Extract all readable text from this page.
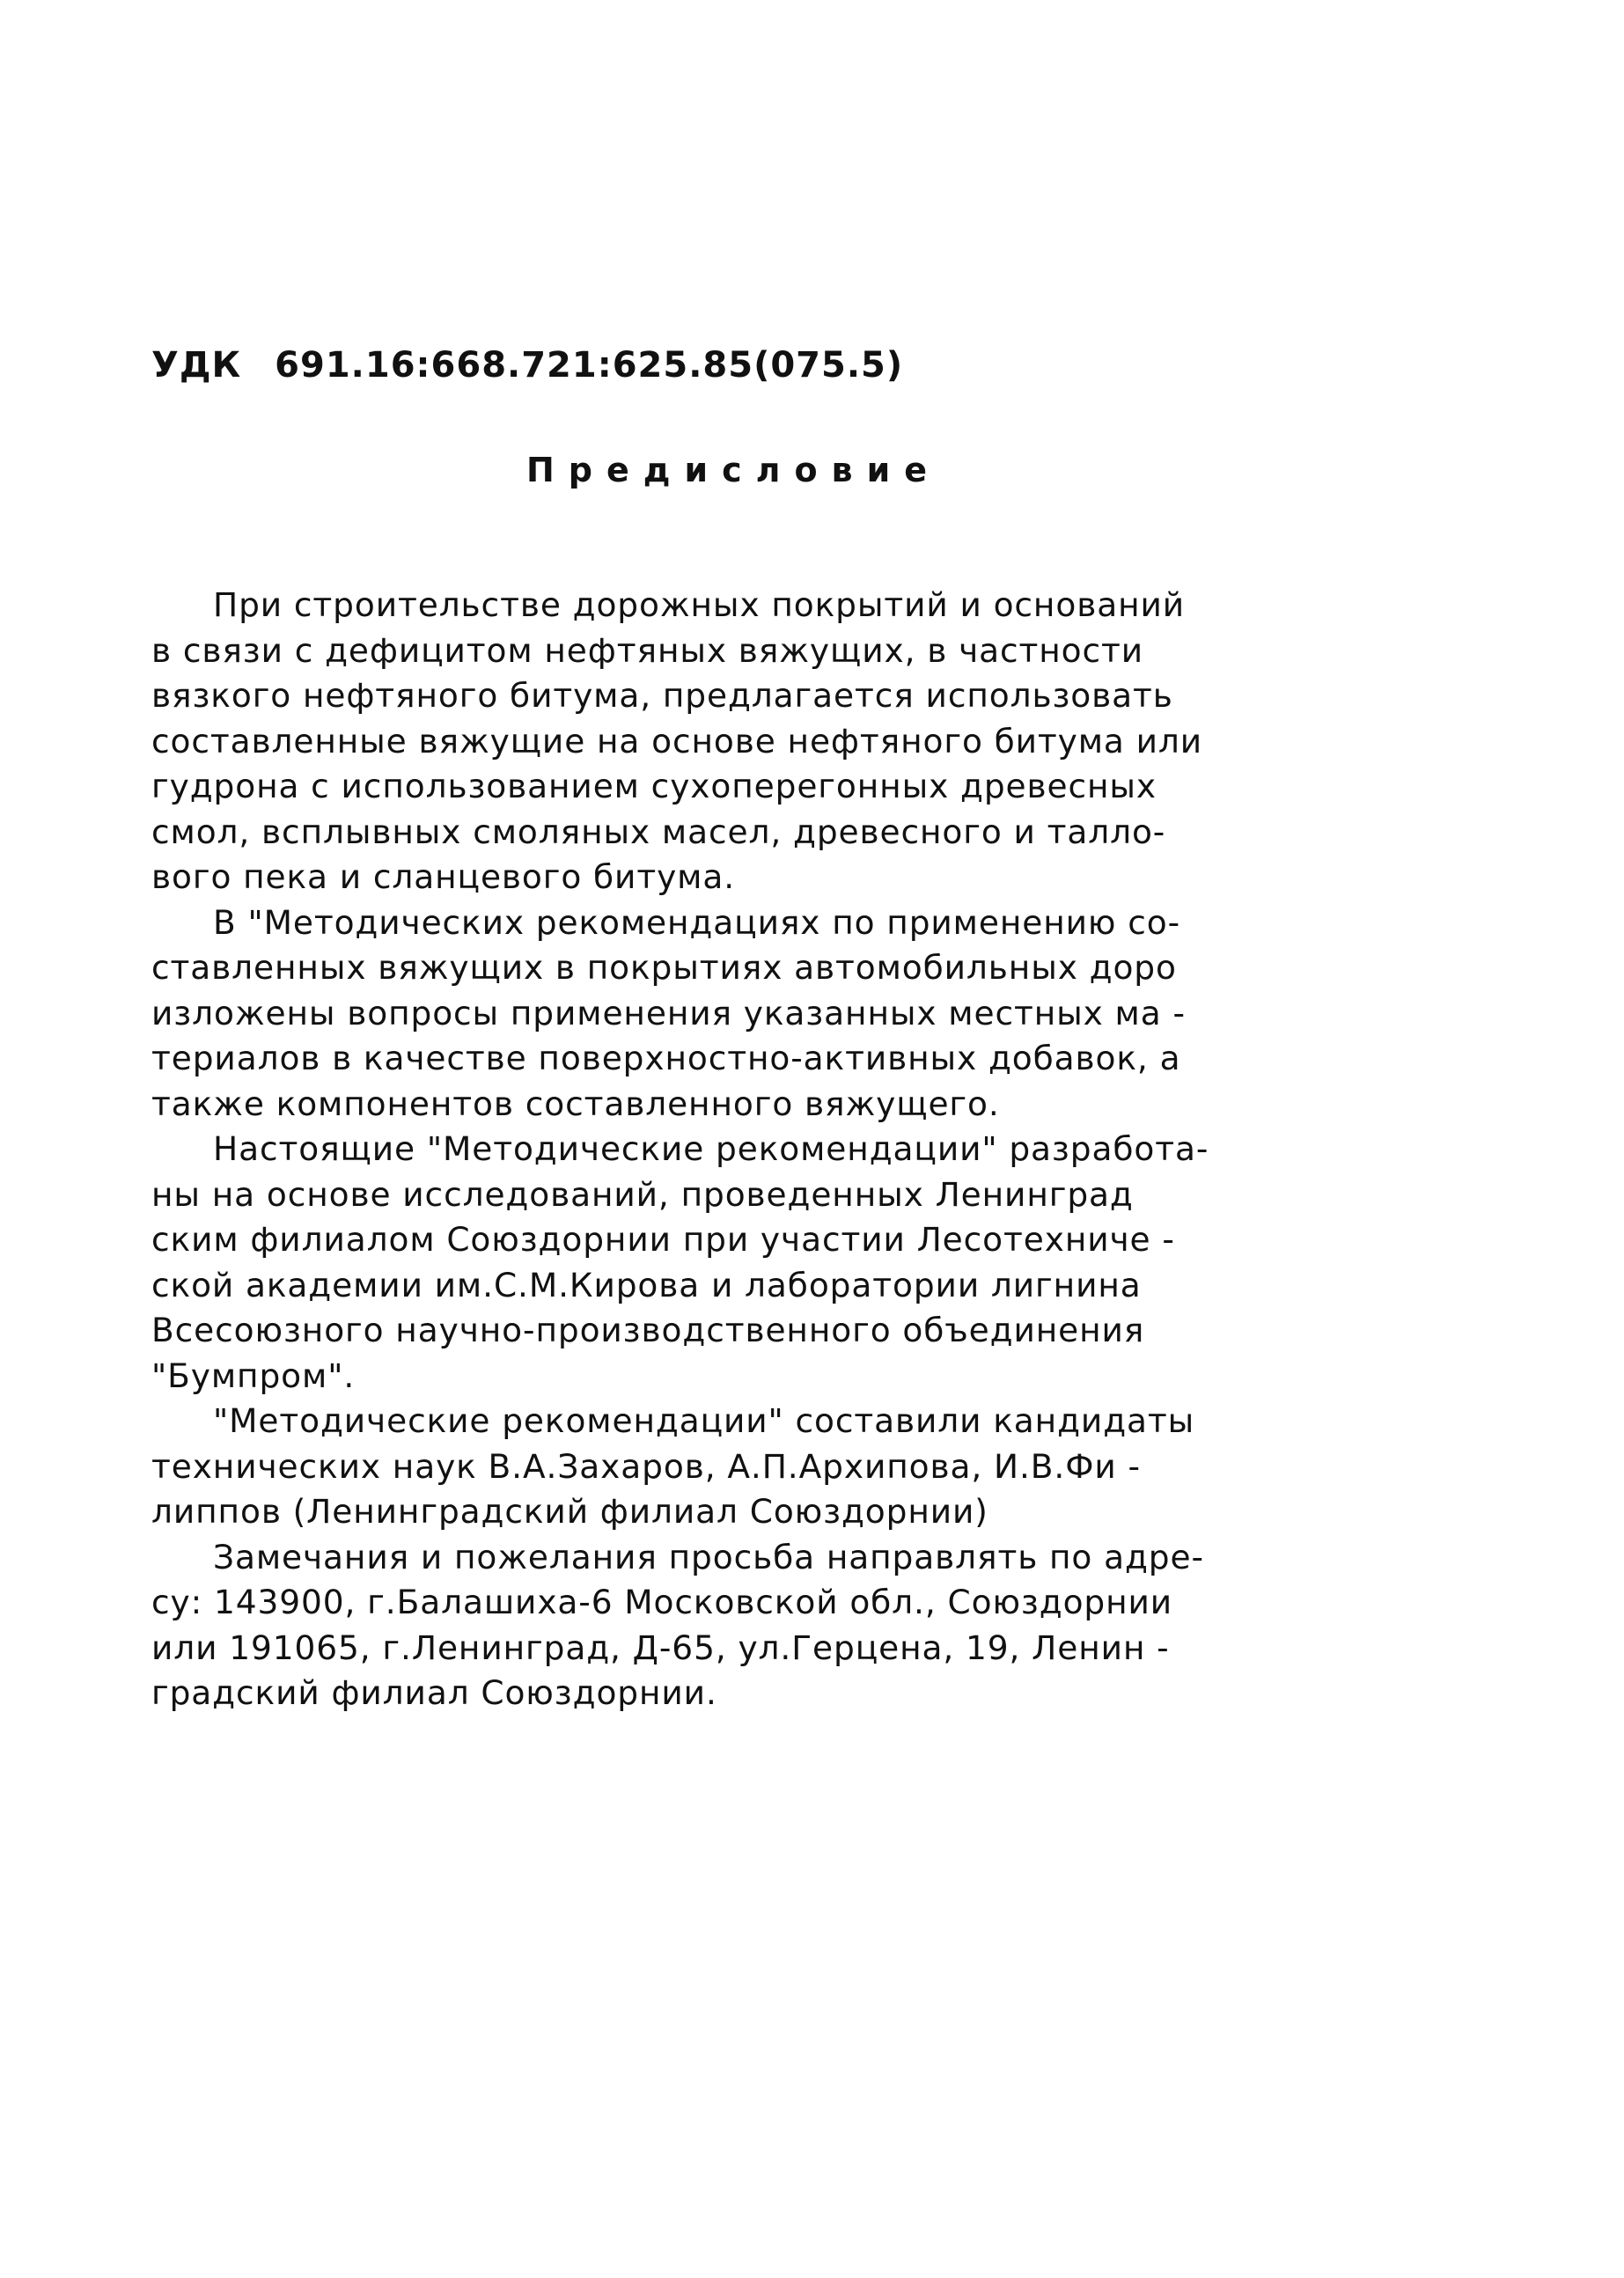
УДК 691.16:668.721:625.85(075.5)
Предисловие
При строительстве дорожных покрытий и оснований
в связи с дефицитом нефтяных вяжущих, в частности
вязкого нефтяного битума, предлагается использовать
составленные вяжущие на основе нефтяного битума или
гудрона с использованием сухоперегонных древесных
смол, всплывных смоляных масел, древесного и талло-
вого пека и сланцевого битума.
В "Методических рекомендациях по применению со-
ставленных вяжущих в покрытиях автомобильных доро
изложены вопросы применения указанных местных ма -
териалов в качестве поверхностно-активных добавок, а
также компонентов составленного вяжущего.
Настоящие "Методические рекомендации" разработа-
ны на основе исследований, проведенных Ленинград
ским филиалом Союздорнии при участии Лесотехниче -
ской академии им.С.М.Кирова и лаборатории лигнина
Всесоюзного научно-производственного объединения
"Бумпром".
"Методические рекомендации" составили кандидаты
технических наук В.А.Захаров, А.П.Архипова, И.В.Фи -
липпов (Ленинградский филиал Союздорнии)
Замечания и пожелания просьба направлять по адре-
су: 143900, г.Балашиха-6 Московской обл., Союздорнии
или 191065, г.Ленинград, Д-65, ул.Герцена, 19, Ленин -
градский филиал Союздорнии.
